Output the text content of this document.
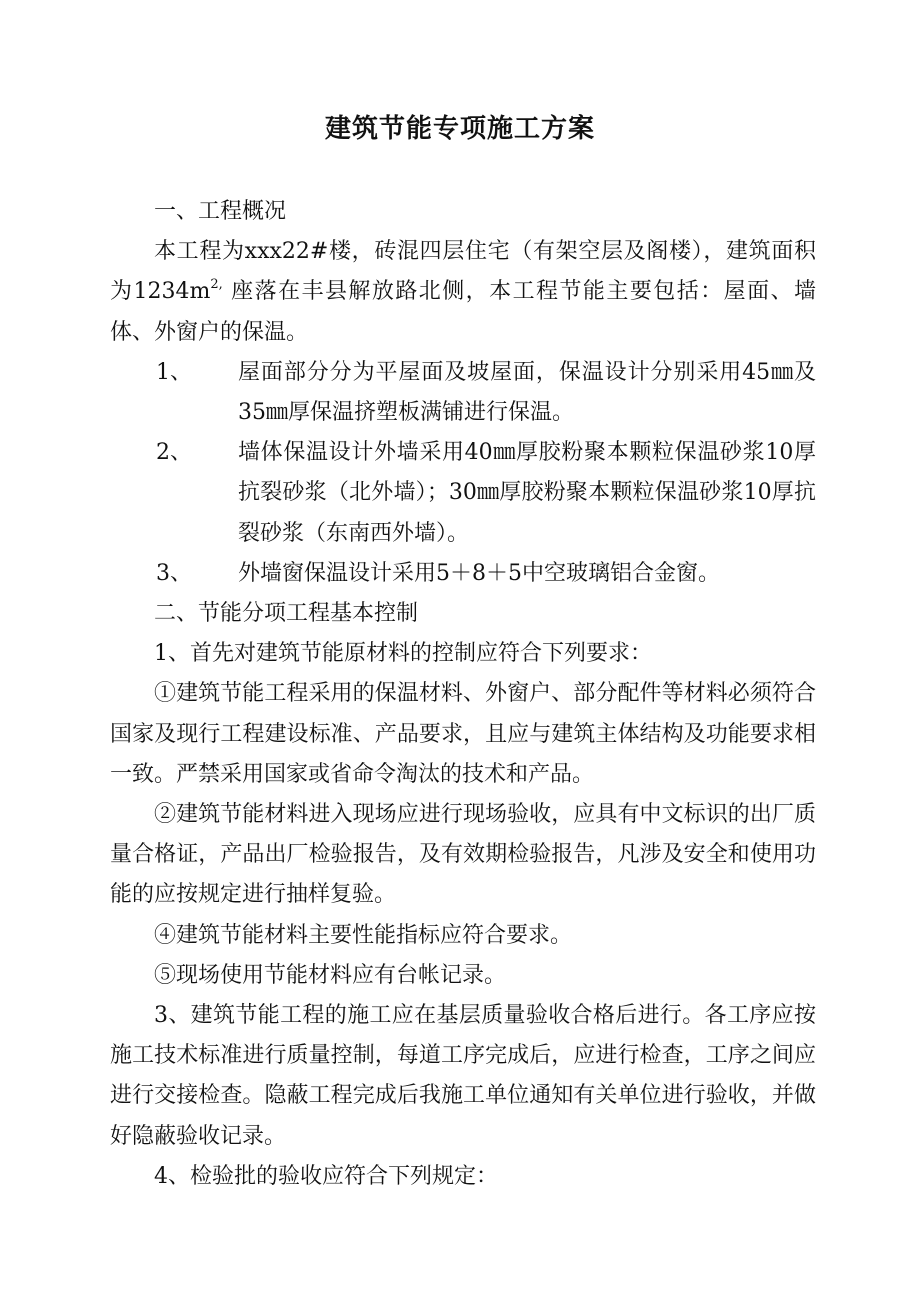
建筑节能专项施工方案

一、工程概况

本工程为xxx22#楼，砖混四层住宅（有架空层及阁楼），建筑面积为$1234m^{2,}$ 座落在丰县解放路北侧，本工程节能主要包括：屋面、墙体、外窗户的保温。

1、	屋面部分分为平屋面及坡屋面，保温设计分别采用45㎜及35㎜厚保温挤塑板满铺进行保温。
2、	墙体保温设计外墙采用40㎜厚胶粉聚本颗粒保温砂浆10厚抗裂砂浆（北外墙）；30㎜厚胶粉聚本颗粒保温砂浆10厚抗裂砂浆（东南西外墙）。
3、	外墙窗保温设计采用5＋8＋5中空玻璃铝合金窗。

二、节能分项工程基本控制

1、首先对建筑节能原材料的控制应符合下列要求：

①建筑节能工程采用的保温材料、外窗户、部分配件等材料必须符合国家及现行工程建设标准、产品要求，且应与建筑主体结构及功能要求相一致。严禁采用国家或省命令淘汰的技术和产品。

②建筑节能材料进入现场应进行现场验收，应具有中文标识的出厂质量合格证，产品出厂检验报告，及有效期检验报告，凡涉及安全和使用功能的应按规定进行抽样复验。

④建筑节能材料主要性能指标应符合要求。

⑤现场使用节能材料应有台帐记录。

3、建筑节能工程的施工应在基层质量验收合格后进行。各工序应按施工技术标准进行质量控制，每道工序完成后，应进行检查，工序之间应进行交接检查。隐蔽工程完成后我施工单位通知有关单位进行验收，并做好隐蔽验收记录。

4、检验批的验收应符合下列规定：
